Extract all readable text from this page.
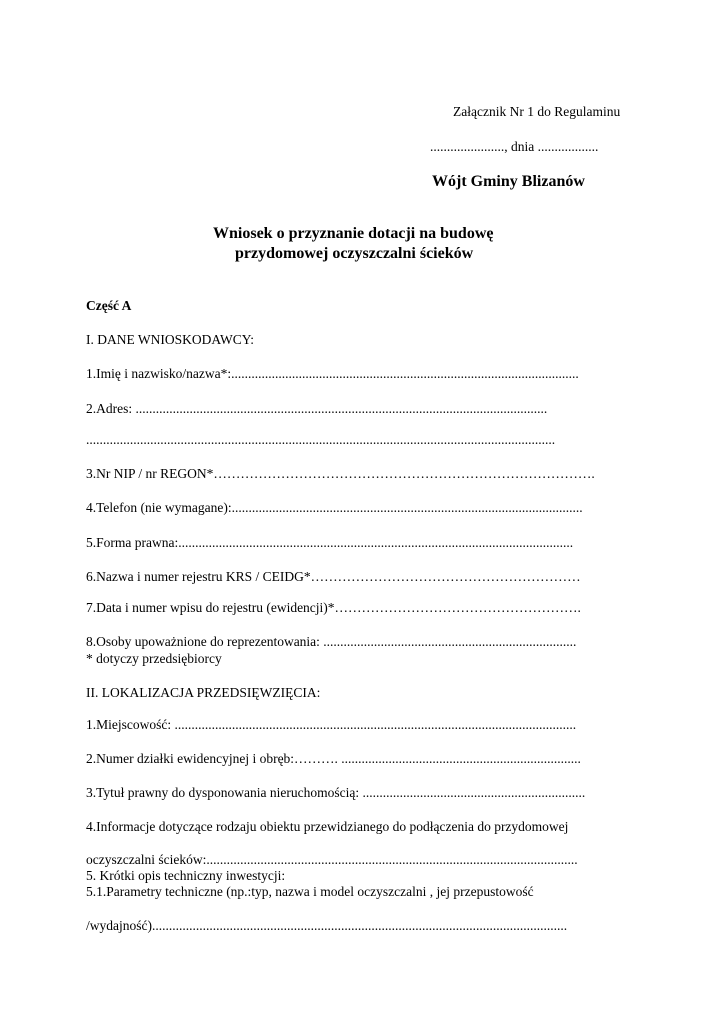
Załącznik Nr 1 do Regulaminu
......................, dnia ..................
Wójt Gminy Blizanów
Wniosek o przyznanie dotacji na budowę
przydomowej oczyszczalni ścieków
Część A
I. DANE WNIOSKODAWCY:
1.Imię i nazwisko/nazwa*:.......................................................................................................
2.Adres: ..........................................................................................................................
...........................................................................................................................................
3.Nr NIP / nr REGON*………………………………………………………………………….
4.Telefon (nie wymagane):........................................................................................................
5.Forma prawna:.....................................................................................................................
6.Nazwa i numer rejestru KRS / CEIDG*……………………………………………………
7.Data i numer wpisu do rejestru (ewidencji)*……………………………………………….
8.Osoby upoważnione do reprezentowania: ...........................................................................
* dotyczy przedsiębiorcy
II. LOKALIZACJA PRZEDSIĘWZIĘCIA:
1.Miejscowość: .......................................................................................................................
2.Numer działki ewidencyjnej i obręb:………. .......................................................................
3.Tytuł prawny do dysponowania nieruchomością: ..................................................................
4.Informacje dotyczące rodzaju obiektu przewidzianego do podłączenia do przydomowej
oczyszczalni ścieków:..............................................................................................................
5. Krótki opis techniczny inwestycji:
5.1.Parametry techniczne (np.:typ, nazwa i model oczyszczalni , jej przepustowość
/wydajność)...........................................................................................................................
